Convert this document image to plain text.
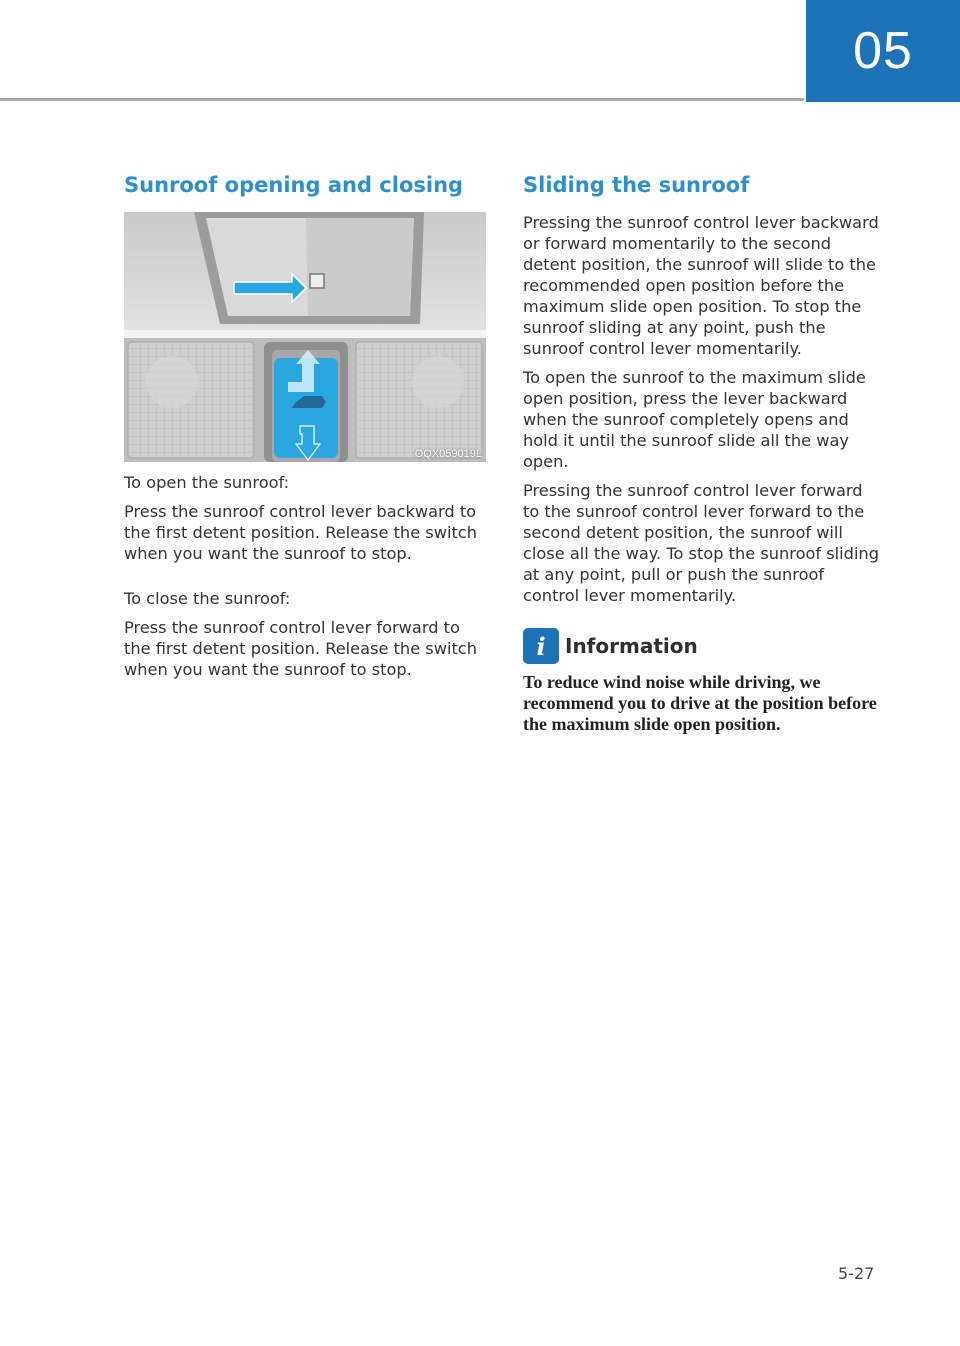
05
Sunroof opening and closing
OQX059019L

To open the sunroof:

Press the sunroof control lever backward to the first detent position. Release the switch when you want the sunroof to stop.

To close the sunroof:

Press the sunroof control lever forward to the first detent position. Release the switch when you want the sunroof to stop.

Sliding the sunroof

Pressing the sunroof control lever backward or forward momentarily to the second detent position, the sunroof will slide to the recommended open position before the maximum slide open position. To stop the sunroof sliding at any point, push the sunroof control lever momentarily.

To open the sunroof to the maximum slide open position, press the lever backward when the sunroof completely opens and hold it until the sunroof slide all the way open.

Pressing the sunroof control lever forward to the sunroof control lever forward to the second detent position, the sunroof will close all the way. To stop the sunroof sliding at any point, pull or push the sunroof control lever momentarily.

i Information

To reduce wind noise while driving, we recommend you to drive at the position before the maximum slide open position.

5-27
